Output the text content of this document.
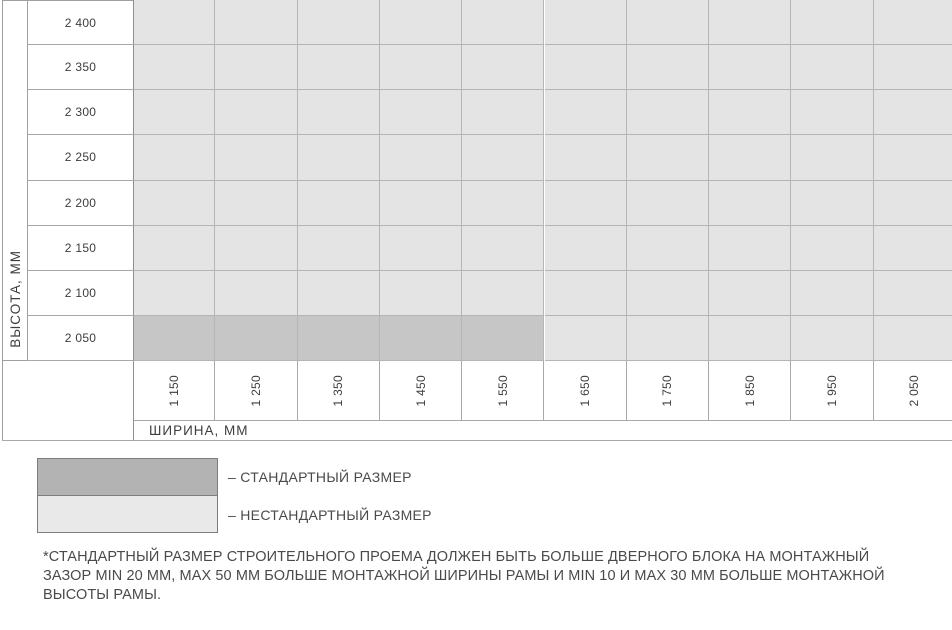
ВЫСОТА, ММ
2 400
2 350
2 300
2 250
2 200
2 150
2 100
2 050
1 150	1 250	1 350	1 450	1 550	1 650	1 750	1 850	1 950	2 050
ШИРИНА, ММ
– СТАНДАРТНЫЙ РАЗМЕР
– НЕСТАНДАРТНЫЙ РАЗМЕР
*СТАНДАРТНЫЙ РАЗМЕР СТРОИТЕЛЬНОГО ПРОЕМА ДОЛЖЕН БЫТЬ БОЛЬШЕ ДВЕРНОГО БЛОКА НА МОНТАЖНЫЙ
ЗАЗОР MIN 20 ММ, MAX 50 ММ БОЛЬШЕ МОНТАЖНОЙ ШИРИНЫ РАМЫ И MIN 10 И MAX 30 ММ БОЛЬШЕ МОНТАЖНОЙ
ВЫСОТЫ РАМЫ.
